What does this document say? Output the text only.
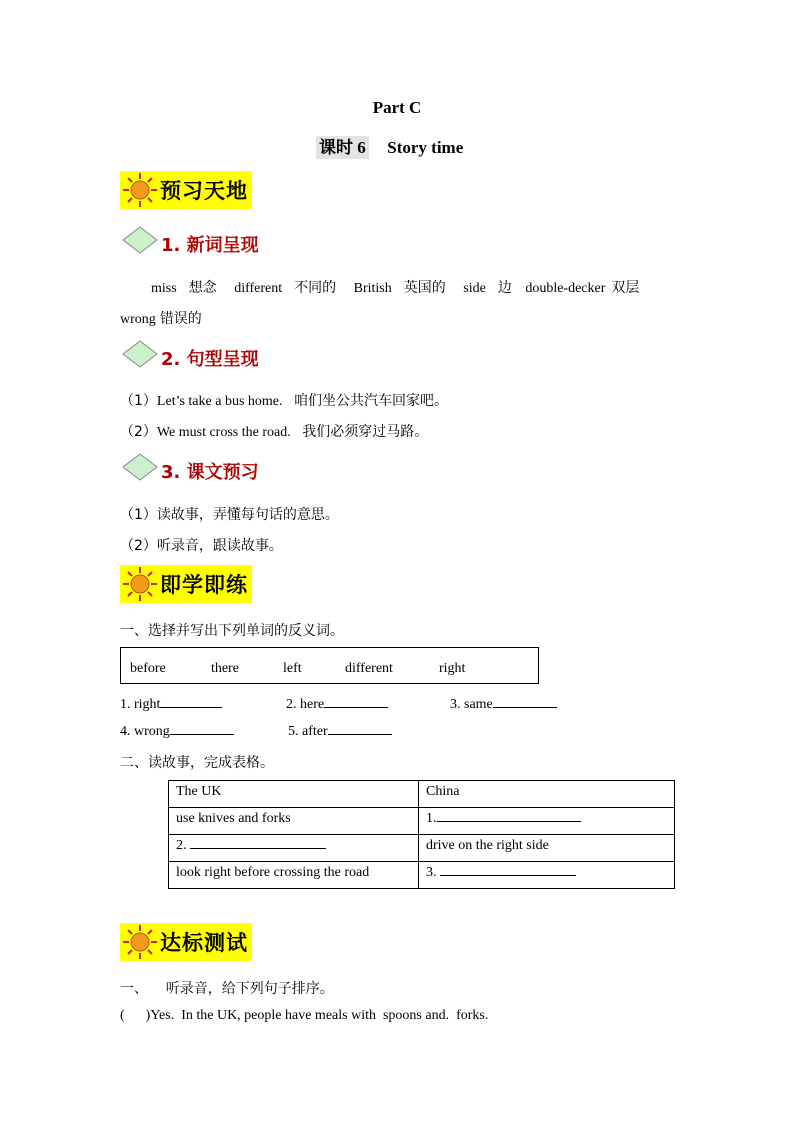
Part C
课时 6 Story time
预习天地
1. 新词呈现
miss 想念 different 不同的 British 英国的 side 边 double-decker 双层
wrong 错误的
2. 句型呈现
（1）Let’s take a bus home. 咱们坐公共汽车回家吧。
（2）We must cross the road. 我们必须穿过马路。
3. 课文预习
（1）读故事，弄懂每句话的意思。
（2）听录音，跟读故事。
即学即练
一、选择并写出下列单词的反义词。
before	there	left	different	right
1. right	2. here	3. same
4. wrong	5. after
二、读故事，完成表格。
The UK	China
use knives and forks	1.
2.	drive on the right side
look right before crossing the road	3.
达标测试
一、    听录音，给下列句子排序。
(      )Yes.  In the UK, people have meals with  spoons and.  forks.
